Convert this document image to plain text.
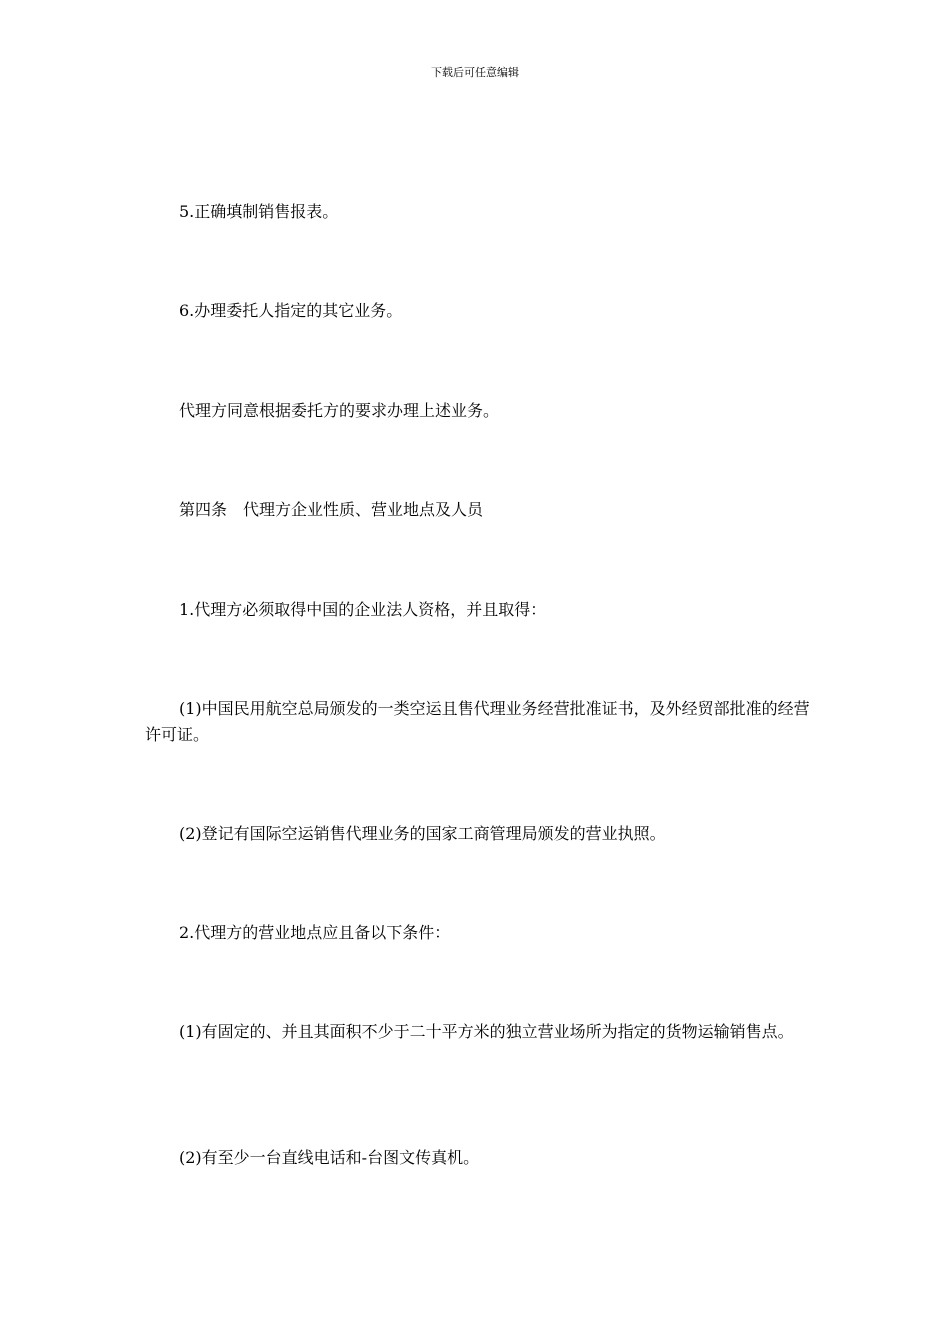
下载后可任意编辑

5.正确填制销售报表。

6.办理委托人指定的其它业务。

代理方同意根据委托方的要求办理上述业务。

第四条　代理方企业性质、营业地点及人员

1.代理方必须取得中国的企业法人资格，并且取得：

(1)中国民用航空总局颁发的一类空运且售代理业务经营批准证书，及外经贸部批准的经营许可证。

(2)登记有国际空运销售代理业务的国家工商管理局颁发的营业执照。

2.代理方的营业地点应且备以下条件：

(1)有固定的、并且其面积不少于二十平方米的独立营业场所为指定的货物运输销售点。

(2)有至少一台直线电话和-台图文传真机。
